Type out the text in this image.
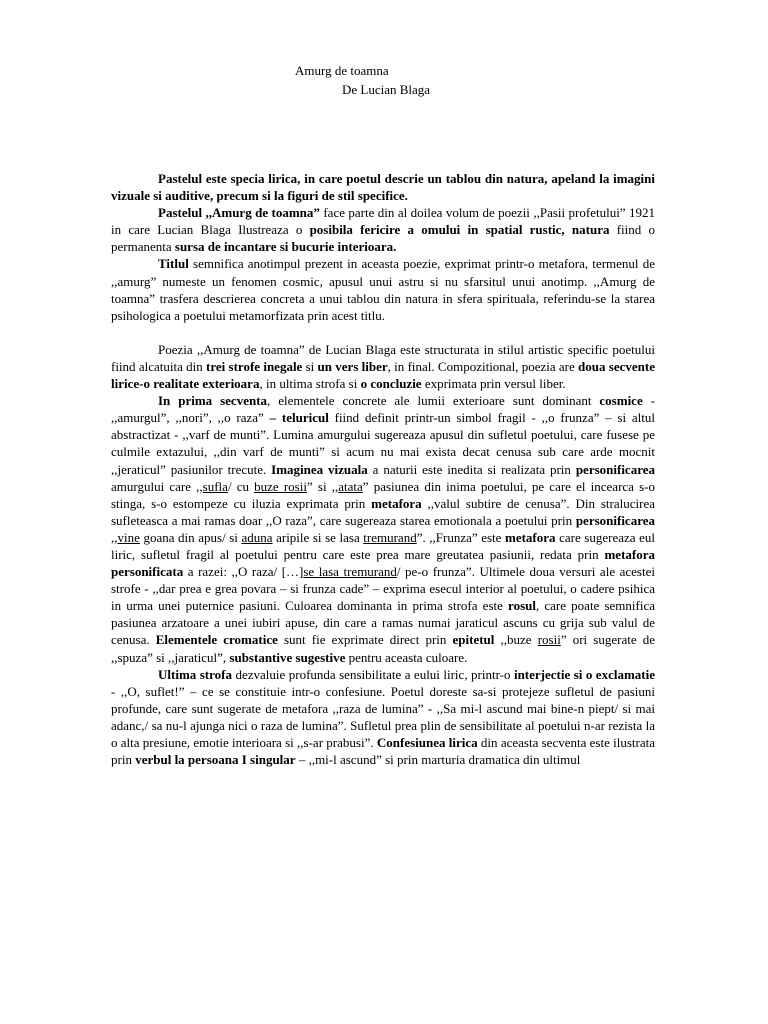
Amurg de toamna
De Lucian Blaga

Pastelul este specia lirica, in care poetul descrie un tablou din natura, apeland la imagini vizuale si auditive, precum si la figuri de stil specifice.

Pastelul ,,Amurg de toamna” face parte din al doilea volum de poezii ,,Pasii profetului” 1921 in care Lucian Blaga Ilustreaza o posibila fericire a omului in spatial rustic, natura fiind o permanenta sursa de incantare si bucurie interioara.

Titlul semnifica anotimpul prezent in aceasta poezie, exprimat printr-o metafora, termenul de ,,amurg” numeste un fenomen cosmic, apusul unui astru si nu sfarsitul unui anotimp. ,,Amurg de toamna” trasfera descrierea concreta a unui tablou din natura in sfera spirituala, referindu-se la starea psihologica a poetului metamorfizata prin acest titlu.

Poezia ,,Amurg de toamna” de Lucian Blaga este structurata in stilul artistic specific poetului fiind alcatuita din trei strofe inegale si un vers liber, in final. Compozitional, poezia are doua secvente lirice-o realitate exterioara, in ultima strofa si o concluzie exprimata prin versul liber.

In prima secventa, elementele concrete ale lumii exterioare sunt dominant cosmice - ,,amurgul”, ,,nori”, ,,o raza” – teluricul fiind definit printr-un simbol fragil - ,,o frunza” – si altul abstractizat - ,,varf de munti”. Lumina amurgului sugereaza apusul din sufletul poetului, care fusese pe culmile extazului, ,,din varf de munti” si acum nu mai exista decat cenusa sub care arde mocnit ,,jeraticul” pasiunilor trecute. Imaginea vizuala a naturii este inedita si realizata prin personificarea amurgului care ,,sufla/ cu buze rosii” si ,,atata” pasiunea din inima poetului, pe care el incearca s-o stinga, s-o estompeze cu iluzia exprimata prin metafora ,,valul subtire de cenusa”. Din stralucirea sufleteasca a mai ramas doar ,,O raza”, care sugereaza starea emotionala a poetului prin personificarea ,,vine goana din apus/ si aduna aripile si se lasa tremurand”. ,,Frunza” este metafora care sugereaza eul liric, sufletul fragil al poetului pentru care este prea mare greutatea pasiunii, redata prin metafora personificata a razei: ,,O raza/ […]se lasa tremurand/ pe-o frunza”. Ultimele doua versuri ale acestei strofe - ,,dar prea e grea povara – si frunza cade” – exprima esecul interior al poetului, o cadere psihica in urma unei puternice pasiuni. Culoarea dominanta in prima strofa este rosul, care poate semnifica pasiunea arzatoare a unei iubiri apuse, din care a ramas numai jaraticul ascuns cu grija sub valul de cenusa. Elementele cromatice sunt fie exprimate direct prin epitetul ,,buze rosii” ori sugerate de ,,spuza” si ,,jaraticul”, substantive sugestive pentru aceasta culoare.

Ultima strofa dezvaluie profunda sensibilitate a eului liric, printr-o interjectie si o exclamatie - ,,O, suflet!” – ce se constituie intr-o confesiune. Poetul doreste sa-si protejeze sufletul de pasiuni profunde, care sunt sugerate de metafora ,,raza de lumina” - ,,Sa mi-l ascund mai bine-n piept/ si mai adanc,/ sa nu-l ajunga nici o raza de lumina”. Sufletul prea plin de sensibilitate al poetului n-ar rezista la o alta presiune, emotie interioara si ,,s-ar prabusi”. Confesiunea lirica din aceasta secventa este ilustrata prin verbul la persoana I singular – ,,mi-l ascund” si prin marturia dramatica din ultimul
